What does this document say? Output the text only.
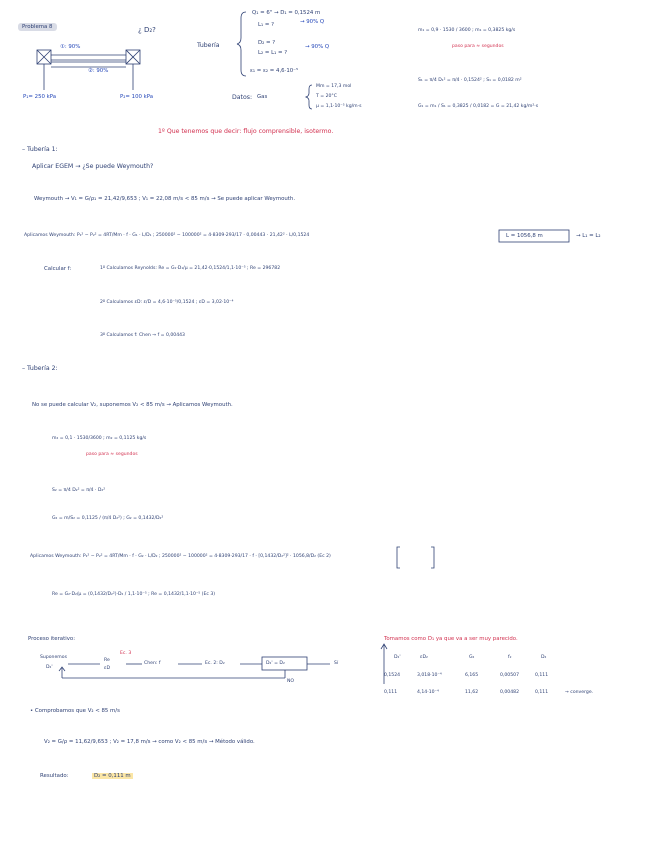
Problema 8	¿ D₂?
①: 90%
②: 90%
P₁= 250 kPa	P₂= 100 kPa
Tubería
Q₁ = 6" → D₁ = 0,1524 m
L₁ = ?	→ 90% Q
D₂ = ?
L₂ = L₁ = ?
→ 90% Q
ε₁ = ε₂ = 4,6·10⁻⁵
Datos: Gas
Mm = 17,3 mol
T = 20°C
μ = 1,1·10⁻⁵ kg/m·s
m₁ = 0,9 · 1530 / 3600 ; m₁ = 0,3825 kg/s
paso para ≈ segundos
S₁ = π/4 D₁² = π/4 · 0,1524² ; S₁ = 0,0182 m²
G₁ = m₁ / S₁ = 0,3825 / 0,0182 = G = 21,42 kg/m²·s
1º Que tenemos que decir: flujo comprensible, isotermo.
– Tubería 1:
Aplicar EGEM → ¿Se puede Weymouth?
Weymouth → V₁ = G/ρ₁ = 21,42/9,653 ; V₁ = 22,08 m/s < 85 m/s → Se puede aplicar Weymouth.
Aplicamos Weymouth: P₁² − P₂² = 4RT/Mm · f · G₁ · L/D₁ ; 250000² − 100000² = 4·8309·293/17 · 0,00443 · 21,42² · L/0,1524	L = 1056,8 m	→ L₁ = L₂
Calcular f:	1º Calculamos Reynolds: Re = G₁·D₁/μ = 21,42·0,1524/1,1·10⁻⁵ ; Re = 296782
2º Calculamos εD: ε/D = 4,6·10⁻⁵/0,1524 ; εD = 3,02·10⁻⁴
3º Calculamos f: Chen → f = 0,00443
– Tubería 2:
No se puede calcular V₂, suponemos V₂ < 85 m/s → Aplicamos Weymouth.
m₂ = 0,1 · 1530/3600 ; m₂ = 0,1125 kg/s
paso para ≈ segundos
S₂ = π/4 D₂² = π/4 · D₂²
G₂ = m/S₂ = 0,1125 / (π/4 D₂²) ; G₂ = 0,1432/D₂²
Aplicamos Weymouth: P₁² − P₂² = 4RT/Mm · f · G₂ · L/D₂ ; 250000² − 100000² = 4·8309·293/17 · f · [0,1432/D₂²]² · 1056,8/D₂ (Ec 2)
Re = G₂·D₂/μ = (0,1432/D₂²)·D₂ / 1,1·10⁻⁵ ; Re = 0,1432/1,1·10⁻⁵ (Ec 3)
Proceso iterativo:	Tomamos como D₁ ya que va a ser muy parecido.
Suponemos
D₂'
Re
εD
Ec. 3
Chen: f	Ec. 2: D₂	D₂' = D₂	Sí
NO
D₂'	εD₂	G₂	f₂	D₂
0,1524	3,018·10⁻⁴	6,165	0,00507	0,111
0,111	4,14·10⁻⁴	11,62	0,00482	0,111	→ converge.
• Comprobamos que V₂ < 85 m/s
V₂ = G/ρ = 11,62/9,653 ; V₂ = 17,8 m/s → como V₂ < 85 m/s → Método válido.
Resultado:	D₂ = 0,111 m
